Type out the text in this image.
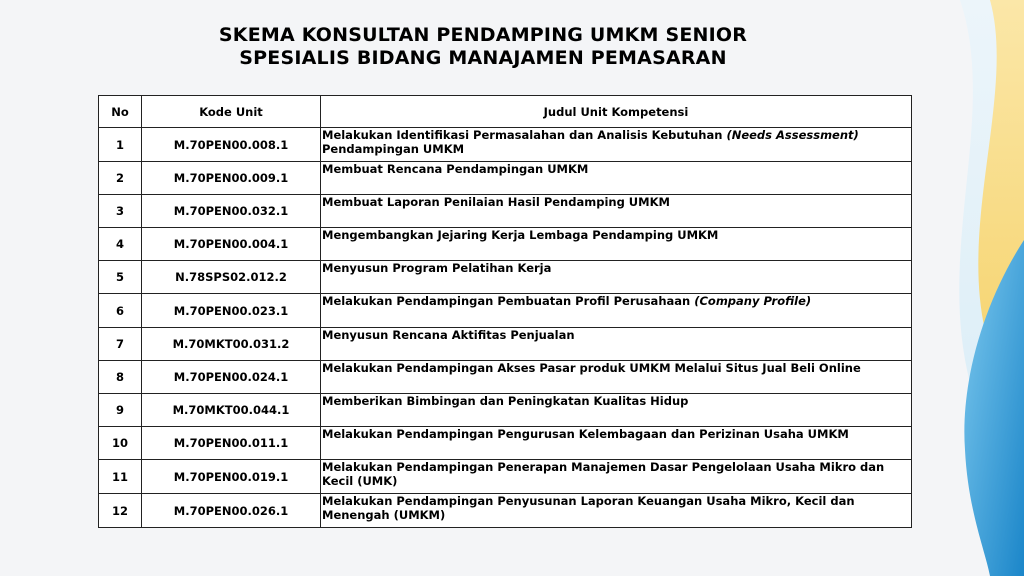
SKEMA KONSULTAN PENDAMPING UMKM SENIOR
SPESIALIS BIDANG MANAJAMEN PEMASARAN
No	Kode Unit	Judul Unit Kompetensi
1	M.70PEN00.008.1	Melakukan Identifikasi Permasalahan dan Analisis Kebutuhan (Needs Assessment) Pendampingan UMKM
2	M.70PEN00.009.1	Membuat Rencana Pendampingan UMKM
3	M.70PEN00.032.1	Membuat Laporan Penilaian Hasil Pendamping UMKM
4	M.70PEN00.004.1	Mengembangkan Jejaring Kerja Lembaga Pendamping UMKM
5	N.78SPS02.012.2	Menyusun Program Pelatihan Kerja
6	M.70PEN00.023.1	Melakukan Pendampingan Pembuatan Profil Perusahaan (Company Profile)
7	M.70MKT00.031.2	Menyusun Rencana Aktifitas Penjualan
8	M.70PEN00.024.1	Melakukan Pendampingan Akses Pasar produk UMKM Melalui Situs Jual Beli Online
9	M.70MKT00.044.1	Memberikan Bimbingan dan Peningkatan Kualitas Hidup
10	M.70PEN00.011.1	Melakukan Pendampingan Pengurusan Kelembagaan dan Perizinan Usaha UMKM
11	M.70PEN00.019.1	Melakukan Pendampingan Penerapan Manajemen Dasar Pengelolaan Usaha Mikro dan Kecil (UMK)
12	M.70PEN00.026.1	Melakukan Pendampingan Penyusunan Laporan Keuangan Usaha Mikro, Kecil dan Menengah (UMKM)
